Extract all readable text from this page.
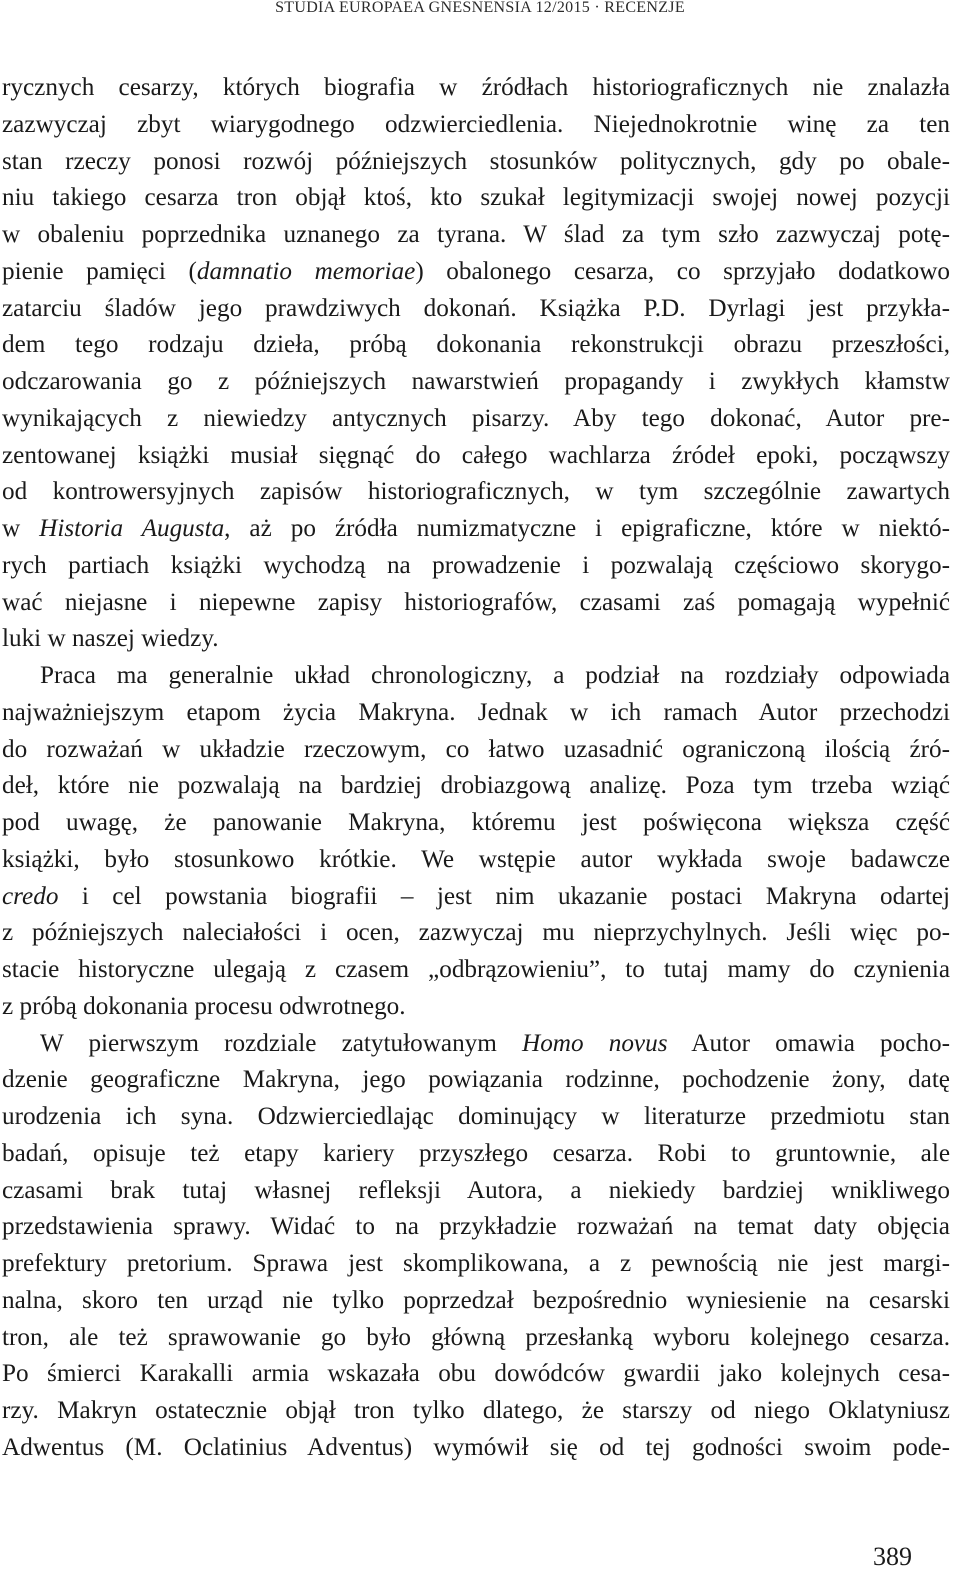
STUDIA EUROPAEA GNESNENSIA 12/2015 · RECENZJE
rycznych cesarzy, których biografia w źródłach historiograficznych nie znalazła
zazwyczaj zbyt wiarygodnego odzwierciedlenia. Niejednokrotnie winę za ten
stan rzeczy ponosi rozwój późniejszych stosunków politycznych, gdy po obale-
niu takiego cesarza tron objął ktoś, kto szukał legitymizacji swojej nowej pozycji
w obaleniu poprzednika uznanego za tyrana. W ślad za tym szło zazwyczaj potę-
pienie pamięci (damnatio memoriae) obalonego cesarza, co sprzyjało dodatkowo
zatarciu śladów jego prawdziwych dokonań. Książka P.D. Dyrlagi jest przykła-
dem tego rodzaju dzieła, próbą dokonania rekonstrukcji obrazu przeszłości,
odczarowania go z późniejszych nawarstwień propagandy i zwykłych kłamstw
wynikających z niewiedzy antycznych pisarzy. Aby tego dokonać, Autor pre-
zentowanej książki musiał sięgnąć do całego wachlarza źródeł epoki, począwszy
od kontrowersyjnych zapisów historiograficznych, w tym szczególnie zawartych
w Historia Augusta, aż po źródła numizmatyczne i epigraficzne, które w niektó-
rych partiach książki wychodzą na prowadzenie i pozwalają częściowo skorygo-
wać niejasne i niepewne zapisy historiografów, czasami zaś pomagają wypełnić
luki w naszej wiedzy.
Praca ma generalnie układ chronologiczny, a podział na rozdziały odpowiada
najważniejszym etapom życia Makryna. Jednak w ich ramach Autor przechodzi
do rozważań w układzie rzeczowym, co łatwo uzasadnić ograniczoną ilością źró-
deł, które nie pozwalają na bardziej drobiazgową analizę. Poza tym trzeba wziąć
pod uwagę, że panowanie Makryna, któremu jest poświęcona większa część
książki, było stosunkowo krótkie. We wstępie autor wykłada swoje badawcze
credo i cel powstania biografii – jest nim ukazanie postaci Makryna odartej
z późniejszych naleciałości i ocen, zazwyczaj mu nieprzychylnych. Jeśli więc po-
stacie historyczne ulegają z czasem „odbrązowieniu”, to tutaj mamy do czynienia
z próbą dokonania procesu odwrotnego.
W pierwszym rozdziale zatytułowanym Homo novus Autor omawia pocho-
dzenie geograficzne Makryna, jego powiązania rodzinne, pochodzenie żony, datę
urodzenia ich syna. Odzwierciedlając dominujący w literaturze przedmiotu stan
badań, opisuje też etapy kariery przyszłego cesarza. Robi to gruntownie, ale
czasami brak tutaj własnej refleksji Autora, a niekiedy bardziej wnikliwego
przedstawienia sprawy. Widać to na przykładzie rozważań na temat daty objęcia
prefektury pretorium. Sprawa jest skomplikowana, a z pewnością nie jest margi-
nalna, skoro ten urząd nie tylko poprzedzał bezpośrednio wyniesienie na cesarski
tron, ale też sprawowanie go było główną przesłanką wyboru kolejnego cesarza.
Po śmierci Karakalli armia wskazała obu dowódców gwardii jako kolejnych cesa-
rzy. Makryn ostatecznie objął tron tylko dlatego, że starszy od niego Oklatyniusz
Adwentus (M. Oclatinius Adventus) wymówił się od tej godności swoim pode-
389
